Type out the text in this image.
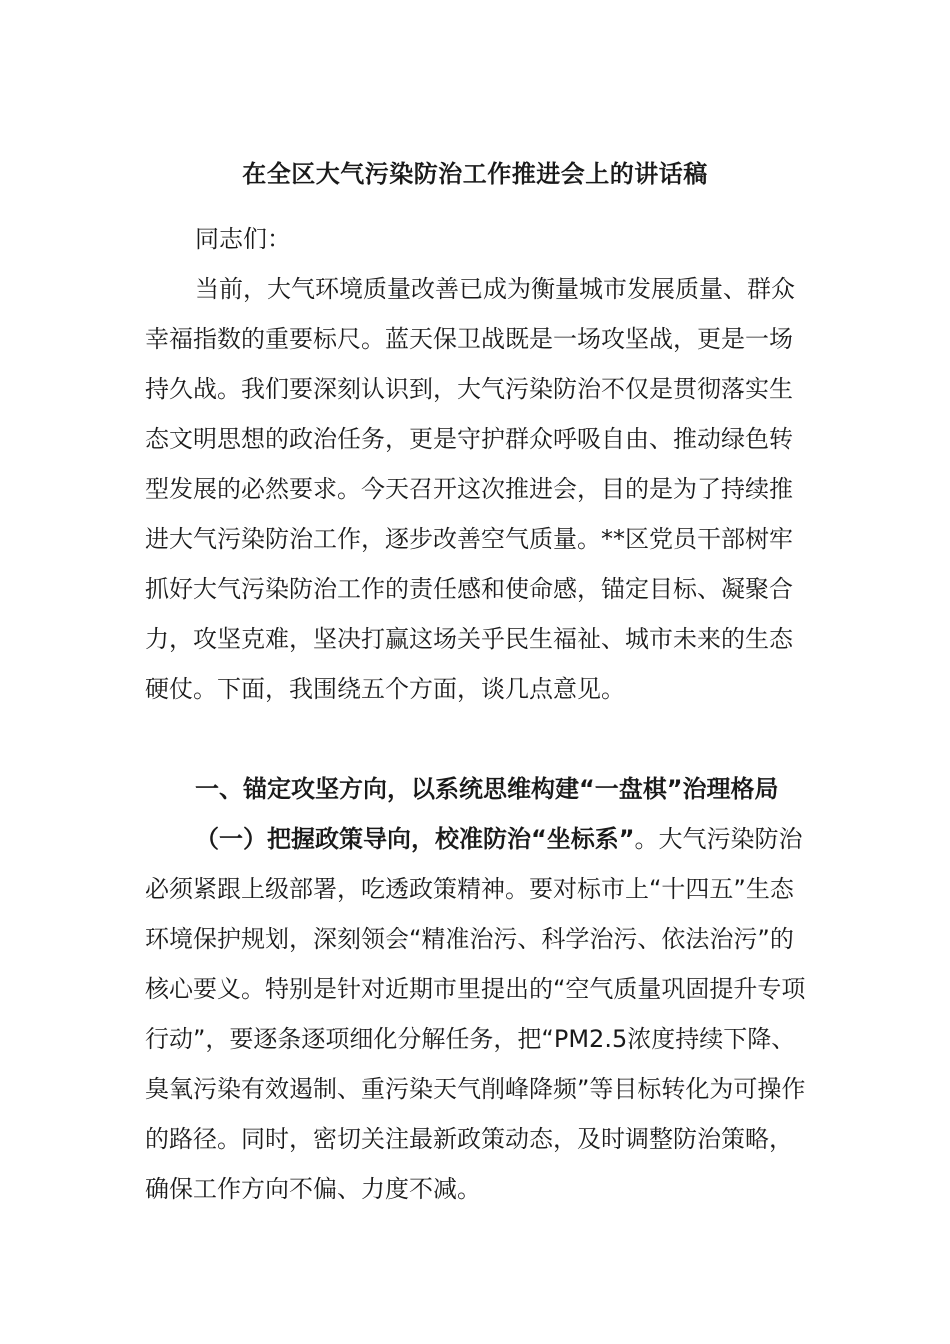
在全区大气污染防治工作推进会上的讲话稿

同志们：

当前，大气环境质量改善已成为衡量城市发展质量、群众幸福指数的重要标尺。蓝天保卫战既是一场攻坚战，更是一场持久战。我们要深刻认识到，大气污染防治不仅是贯彻落实生态文明思想的政治任务，更是守护群众呼吸自由、推动绿色转型发展的必然要求。今天召开这次推进会，目的是为了持续推进大气污染防治工作，逐步改善空气质量。**区党员干部树牢抓好大气污染防治工作的责任感和使命感，锚定目标、凝聚合力，攻坚克难，坚决打赢这场关乎民生福祉、城市未来的生态硬仗。下面，我围绕五个方面，谈几点意见。

一、锚定攻坚方向，以系统思维构建“一盘棋”治理格局

（一）把握政策导向，校准防治“坐标系”。大气污染防治必须紧跟上级部署，吃透政策精神。要对标市上“十四五”生态环境保护规划，深刻领会“精准治污、科学治污、依法治污”的核心要义。特别是针对近期市里提出的“空气质量巩固提升专项行动”，要逐条逐项细化分解任务，把“PM2.5浓度持续下降、臭氧污染有效遏制、重污染天气削峰降频”等目标转化为可操作的路径。同时，密切关注最新政策动态，及时调整防治策略，确保工作方向不偏、力度不减。
